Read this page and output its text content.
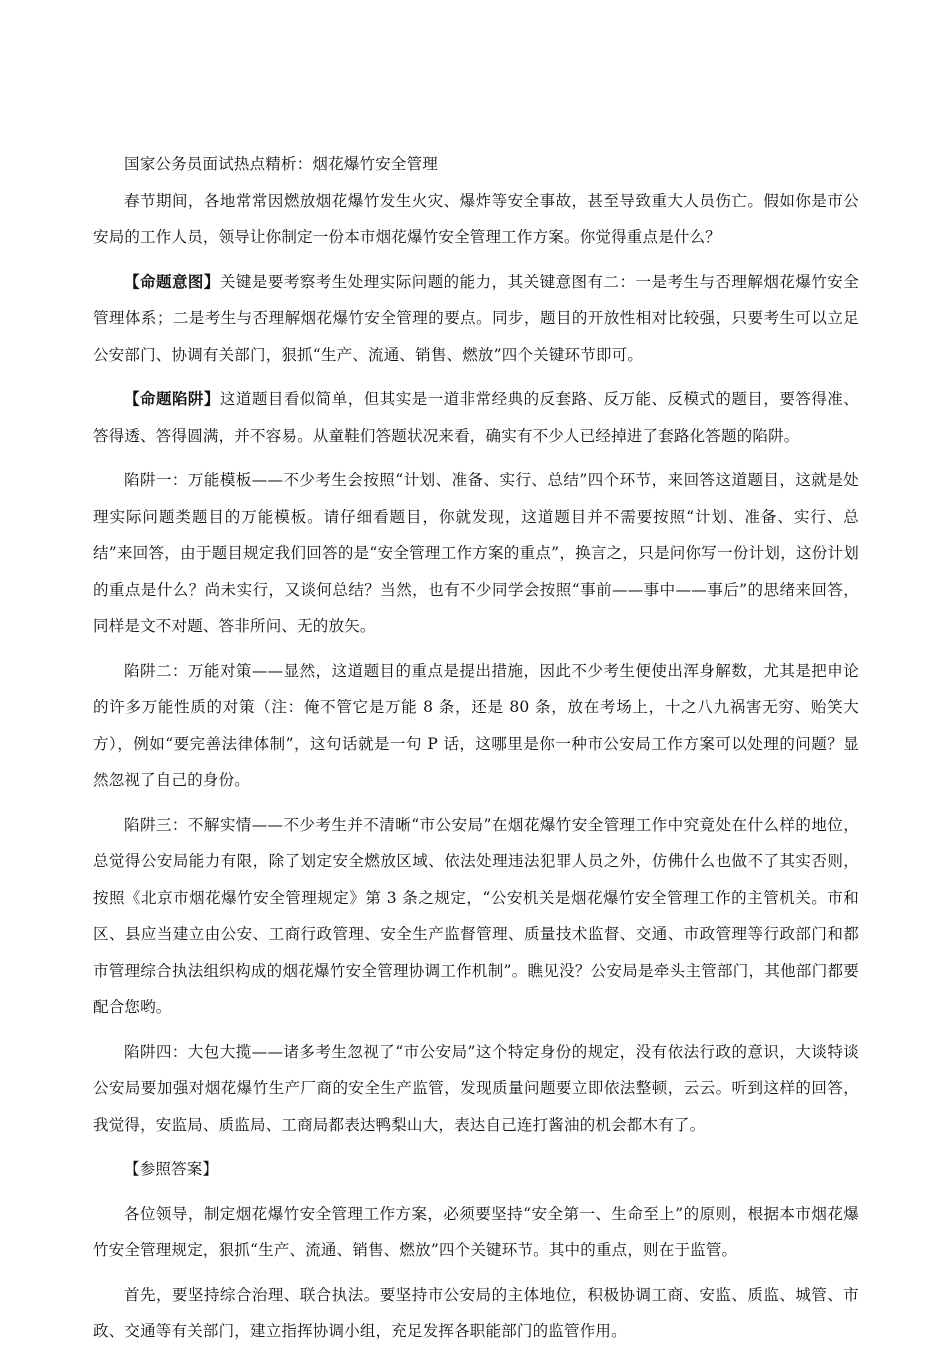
国家公务员面试热点精析：烟花爆竹安全管理

春节期间，各地常常因燃放烟花爆竹发生火灾、爆炸等安全事故，甚至导致重大人员伤亡。假如你是市公安局的工作人员，领导让你制定一份本市烟花爆竹安全管理工作方案。你觉得重点是什么？

【命题意图】关键是要考察考生处理实际问题的能力，其关键意图有二：一是考生与否理解烟花爆竹安全管理体系；二是考生与否理解烟花爆竹安全管理的要点。同步，题目的开放性相对比较强，只要考生可以立足公安部门、协调有关部门，狠抓“生产、流通、销售、燃放”四个关键环节即可。

【命题陷阱】这道题目看似简单，但其实是一道非常经典的反套路、反万能、反模式的题目，要答得准、答得透、答得圆满，并不容易。从童鞋们答题状况来看，确实有不少人已经掉进了套路化答题的陷阱。

陷阱一：万能模板——不少考生会按照“计划、准备、实行、总结”四个环节，来回答这道题目，这就是处理实际问题类题目的万能模板。请仔细看题目，你就发现，这道题目并不需要按照“计划、准备、实行、总结”来回答，由于题目规定我们回答的是“安全管理工作方案的重点”，换言之，只是问你写一份计划，这份计划的重点是什么？尚未实行，又谈何总结？当然，也有不少同学会按照“事前——事中——事后”的思绪来回答，同样是文不对题、答非所问、无的放矢。

陷阱二：万能对策——显然，这道题目的重点是提出措施，因此不少考生便使出浑身解数，尤其是把申论的许多万能性质的对策（注：俺不管它是万能 8 条，还是 80 条，放在考场上，十之八九祸害无穷、贻笑大方），例如“要完善法律体制”，这句话就是一句 P 话，这哪里是你一种市公安局工作方案可以处理的问题？显然忽视了自己的身份。

陷阱三：不解实情——不少考生并不清晰“市公安局”在烟花爆竹安全管理工作中究竟处在什么样的地位，总觉得公安局能力有限，除了划定安全燃放区域、依法处理违法犯罪人员之外，仿佛什么也做不了其实否则，按照《北京市烟花爆竹安全管理规定》第 3 条之规定，“公安机关是烟花爆竹安全管理工作的主管机关。市和区、县应当建立由公安、工商行政管理、安全生产监督管理、质量技术监督、交通、市政管理等行政部门和都市管理综合执法组织构成的烟花爆竹安全管理协调工作机制”。瞧见没？公安局是牵头主管部门，其他部门都要配合您哟。

陷阱四：大包大揽——诸多考生忽视了“市公安局”这个特定身份的规定，没有依法行政的意识，大谈特谈公安局要加强对烟花爆竹生产厂商的安全生产监管，发现质量问题要立即依法整顿，云云。听到这样的回答，我觉得，安监局、质监局、工商局都表达鸭梨山大，表达自己连打酱油的机会都木有了。

【参照答案】

各位领导，制定烟花爆竹安全管理工作方案，必须要坚持“安全第一、生命至上”的原则，根据本市烟花爆竹安全管理规定，狠抓“生产、流通、销售、燃放”四个关键环节。其中的重点，则在于监管。

首先，要坚持综合治理、联合执法。要坚持市公安局的主体地位，积极协调工商、安监、质监、城管、市政、交通等有关部门，建立指挥协调小组，充足发挥各职能部门的监管作用。
